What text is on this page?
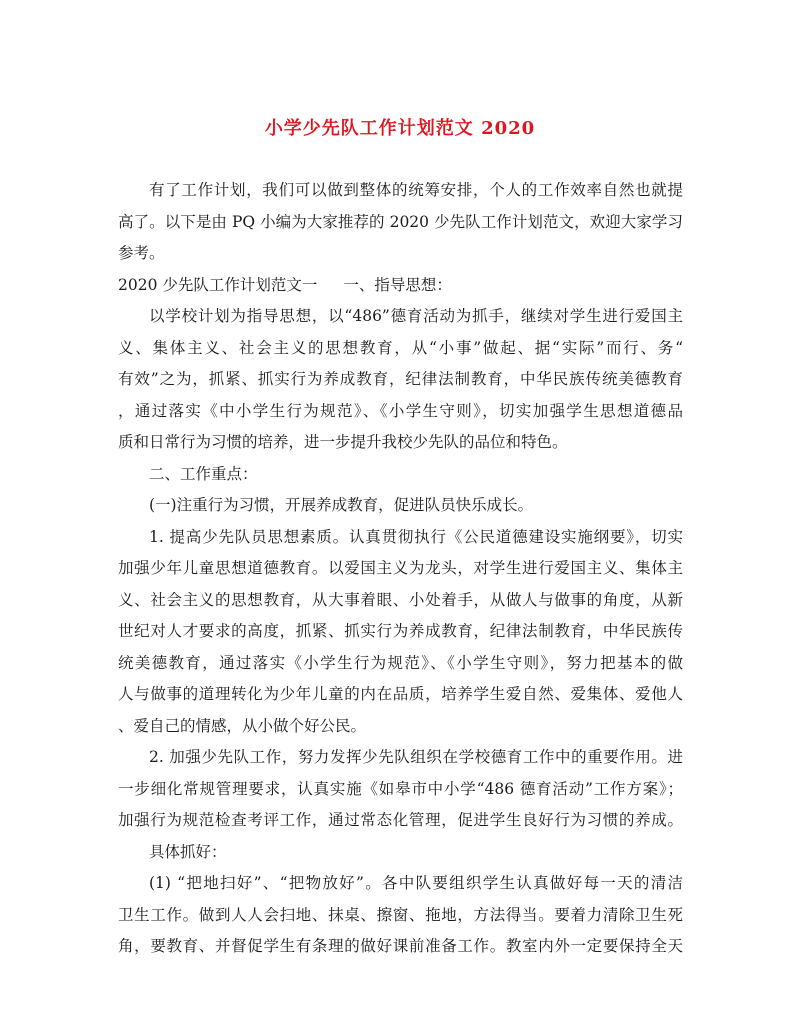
小学少先队工作计划范文 2020
有了工作计划，我们可以做到整体的统筹安排，个人的工作效率自然也就提
高了。以下是由 PQ 小编为大家推荐的 2020 少先队工作计划范文，欢迎大家学习
参考。
2020 少先队工作计划范文一 一、指导思想：
以学校计划为指导思想，以“486”德育活动为抓手，继续对学生进行爱国主
义、集体主义、社会主义的思想教育，从“小事”做起、据“实际”而行、务“
有效”之为，抓紧、抓实行为养成教育，纪律法制教育，中华民族传统美德教育
，通过落实《中小学生行为规范》、《小学生守则》，切实加强学生思想道德品
质和日常行为习惯的培养，进一步提升我校少先队的品位和特色。
二、工作重点：
(一)注重行为习惯，开展养成教育，促进队员快乐成长。
1. 提高少先队员思想素质。认真贯彻执行《公民道德建设实施纲要》，切实
加强少年儿童思想道德教育。以爱国主义为龙头，对学生进行爱国主义、集体主
义、社会主义的思想教育，从大事着眼、小处着手，从做人与做事的角度，从新
世纪对人才要求的高度，抓紧、抓实行为养成教育，纪律法制教育，中华民族传
统美德教育，通过落实《小学生行为规范》、《小学生守则》，努力把基本的做
人与做事的道理转化为少年儿童的内在品质，培养学生爱自然、爱集体、爱他人
、爱自己的情感，从小做个好公民。
2. 加强少先队工作，努力发挥少先队组织在学校德育工作中的重要作用。进
一步细化常规管理要求，认真实施《如皋市中小学“486 德育活动”工作方案》；
加强行为规范检查考评工作，通过常态化管理，促进学生良好行为习惯的养成。
具体抓好：
(1) “把地扫好”、“把物放好”。各中队要组织学生认真做好每一天的清洁
卫生工作。做到人人会扫地、抹桌、擦窗、拖地，方法得当。要着力清除卫生死
角，要教育、并督促学生有条理的做好课前准备工作。教室内外一定要保持全天
